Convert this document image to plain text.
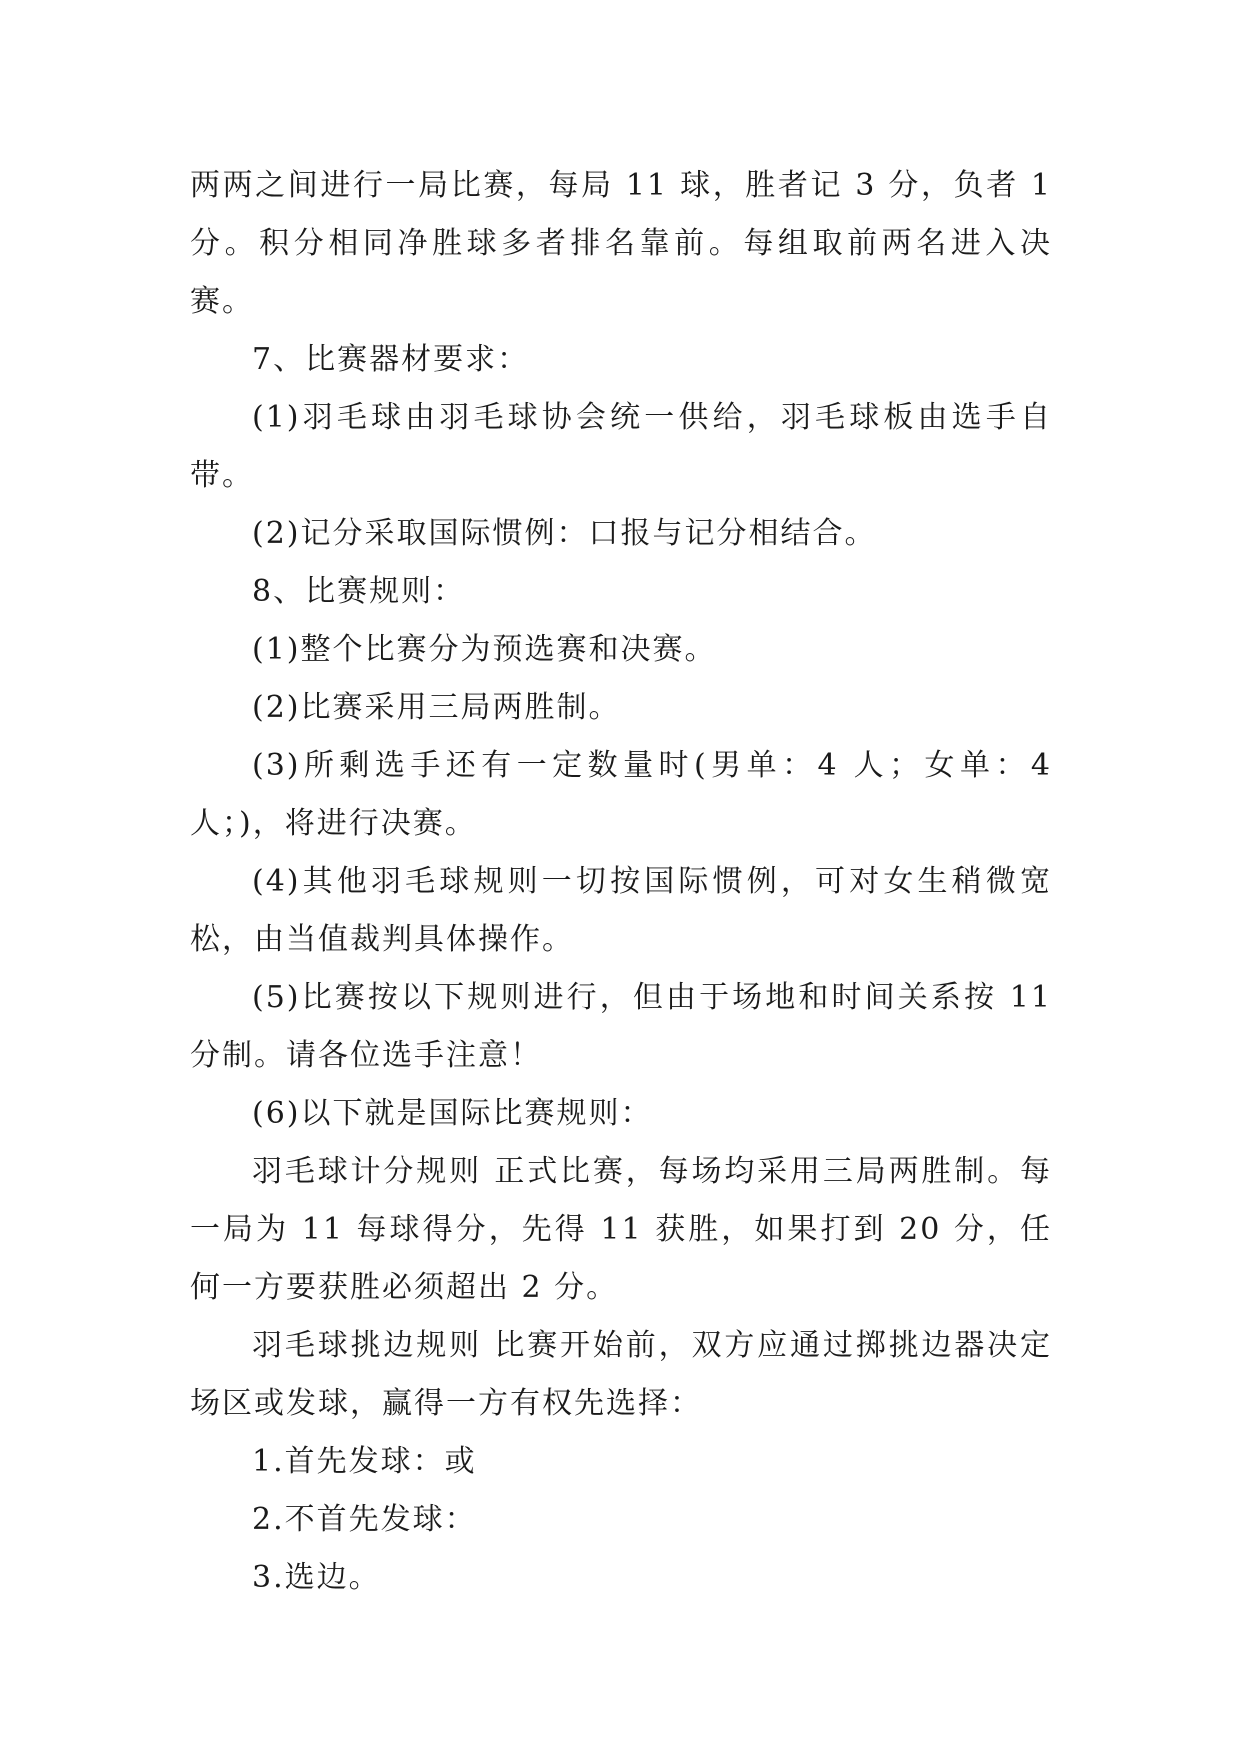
两两之间进行一局比赛，每局 11 球，胜者记 3 分，负者 1 分。积分相同净胜球多者排名靠前。每组取前两名进入决赛。

7、比赛器材要求：

(1)羽毛球由羽毛球协会统一供给，羽毛球板由选手自带。

(2)记分采取国际惯例：口报与记分相结合。

8、比赛规则：

(1)整个比赛分为预选赛和决赛。

(2)比赛采用三局两胜制。

(3)所剩选手还有一定数量时(男单：4 人；女单：4 人；)，将进行决赛。

(4)其他羽毛球规则一切按国际惯例，可对女生稍微宽松，由当值裁判具体操作。

(5)比赛按以下规则进行，但由于场地和时间关系按 11 分制。请各位选手注意！

(6)以下就是国际比赛规则：

羽毛球计分规则 正式比赛，每场均采用三局两胜制。每一局为 11 每球得分，先得 11 获胜，如果打到 20 分，任何一方要获胜必须超出 2 分。

羽毛球挑边规则 比赛开始前，双方应通过掷挑边器决定场区或发球，赢得一方有权先选择：

1.首先发球：或

2.不首先发球：

3.选边。
